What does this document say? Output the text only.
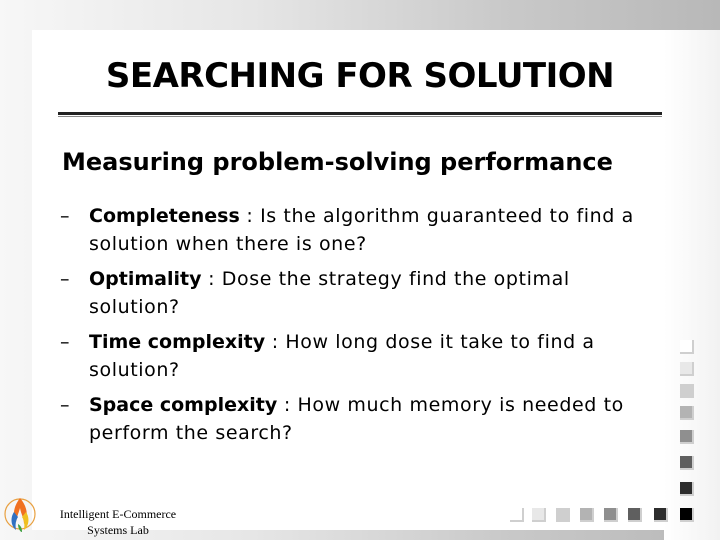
SEARCHING FOR SOLUTION
Measuring problem-solving performance
– Completeness : Is the algorithm guaranteed to find a solution when there is one?
– Optimality : Dose the strategy find the optimal solution?
– Time complexity : How long dose it take to find a solution?
– Space complexity : How much memory is needed to perform the search?
Intelligent E-Commerce
Systems Lab
